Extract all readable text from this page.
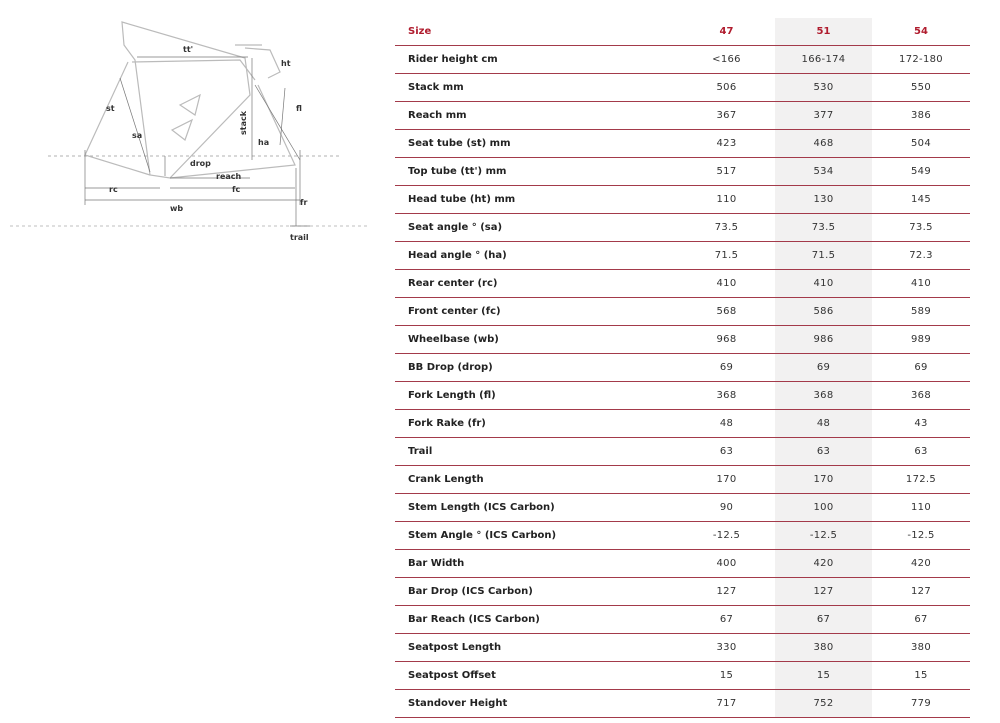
tt'
ht
st	fl
stack
sa
ha
drop
reach
rc	fc
wb
fr
trail
Size	47	51	54
Rider height cm	<166	166-174	172-180
Stack mm	506	530	550
Reach mm	367	377	386
Seat tube (st) mm	423	468	504
Top tube (tt') mm	517	534	549
Head tube (ht) mm	110	130	145
Seat angle ° (sa)	73.5	73.5	73.5
Head angle ° (ha)	71.5	71.5	72.3
Rear center (rc)	410	410	410
Front center (fc)	568	586	589
Wheelbase (wb)	968	986	989
BB Drop (drop)	69	69	69
Fork Length (fl)	368	368	368
Fork Rake (fr)	48	48	43
Trail	63	63	63
Crank Length	170	170	172.5
Stem Length (ICS Carbon)	90	100	110
Stem Angle ° (ICS Carbon)	-12.5	-12.5	-12.5
Bar Width	400	420	420
Bar Drop (ICS Carbon)	127	127	127
Bar Reach (ICS Carbon)	67	67	67
Seatpost Length	330	380	380
Seatpost Offset	15	15	15
Standover Height	717	752	779
